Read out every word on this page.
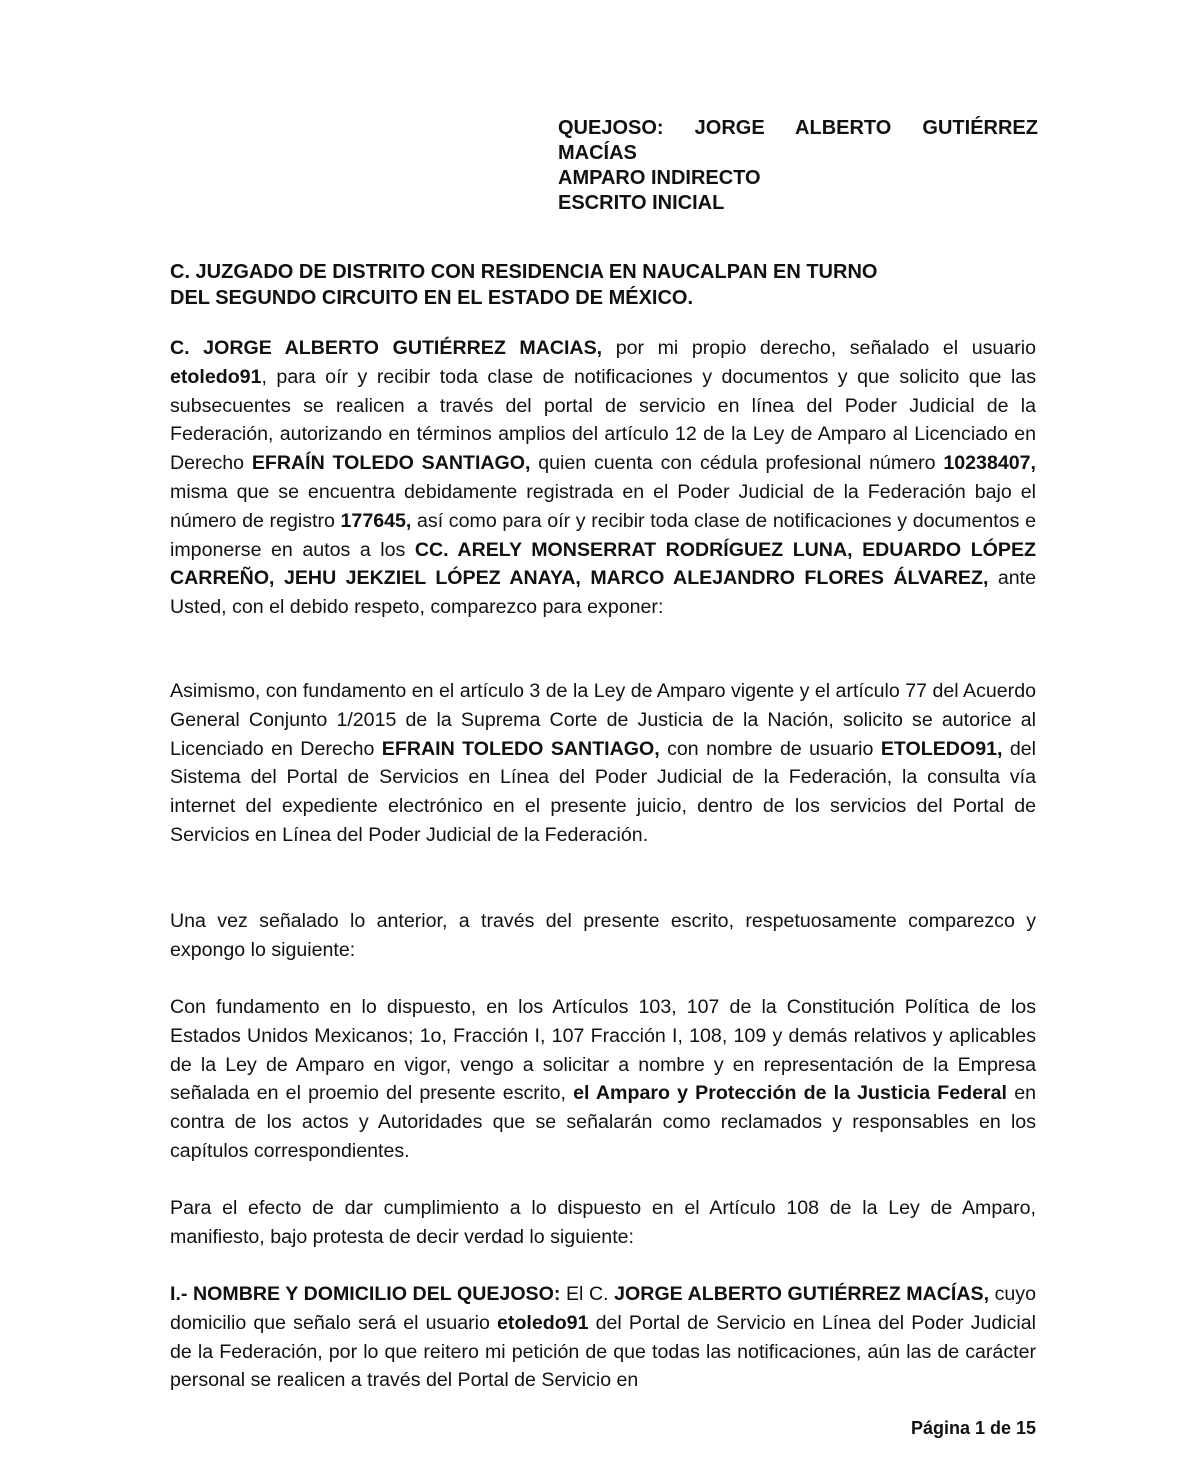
QUEJOSO: JORGE ALBERTO GUTIÉRREZ
MACÍAS
AMPARO INDIRECTO
ESCRITO INICIAL
C. JUZGADO DE DISTRITO CON RESIDENCIA EN NAUCALPAN EN TURNO
DEL SEGUNDO CIRCUITO EN EL ESTADO DE MÉXICO.
C. JORGE ALBERTO GUTIÉRREZ MACIAS, por mi propio derecho, señalado el usuario etoledo91, para oír y recibir toda clase de notificaciones y documentos y que solicito que las subsecuentes se realicen a través del portal de servicio en línea del Poder Judicial de la Federación, autorizando en términos amplios del artículo 12 de la Ley de Amparo al Licenciado en Derecho EFRAÍN TOLEDO SANTIAGO, quien cuenta con cédula profesional número 10238407, misma que se encuentra debidamente registrada en el Poder Judicial de la Federación bajo el número de registro 177645, así como para oír y recibir toda clase de notificaciones y documentos e imponerse en autos a los CC. ARELY MONSERRAT RODRÍGUEZ LUNA, EDUARDO LÓPEZ CARREÑO, JEHU JEKZIEL LÓPEZ ANAYA, MARCO ALEJANDRO FLORES ÁLVAREZ, ante Usted, con el debido respeto, comparezco para exponer:
Asimismo, con fundamento en el artículo 3 de la Ley de Amparo vigente y el artículo 77 del Acuerdo General Conjunto 1/2015 de la Suprema Corte de Justicia de la Nación, solicito se autorice al Licenciado en Derecho EFRAIN TOLEDO SANTIAGO, con nombre de usuario ETOLEDO91, del Sistema del Portal de Servicios en Línea del Poder Judicial de la Federación, la consulta vía internet del expediente electrónico en el presente juicio, dentro de los servicios del Portal de Servicios en Línea del Poder Judicial de la Federación.
Una vez señalado lo anterior, a través del presente escrito, respetuosamente comparezco y expongo lo siguiente:
Con fundamento en lo dispuesto, en los Artículos 103, 107 de la Constitución Política de los Estados Unidos Mexicanos; 1o, Fracción I, 107 Fracción I, 108, 109 y demás relativos y aplicables de la Ley de Amparo en vigor, vengo a solicitar a nombre y en representación de la Empresa señalada en el proemio del presente escrito, el Amparo y Protección de la Justicia Federal en contra de los actos y Autoridades que se señalarán como reclamados y responsables en los capítulos correspondientes.
Para el efecto de dar cumplimiento a lo dispuesto en el Artículo 108 de la Ley de Amparo, manifiesto, bajo protesta de decir verdad lo siguiente:
I.- NOMBRE Y DOMICILIO DEL QUEJOSO: El C. JORGE ALBERTO GUTIÉRREZ MACÍAS, cuyo domicilio que señalo será el usuario etoledo91 del Portal de Servicio en Línea del Poder Judicial de la Federación, por lo que reitero mi petición de que todas las notificaciones, aún las de carácter personal se realicen a través del Portal de Servicio en
Página 1 de 15
